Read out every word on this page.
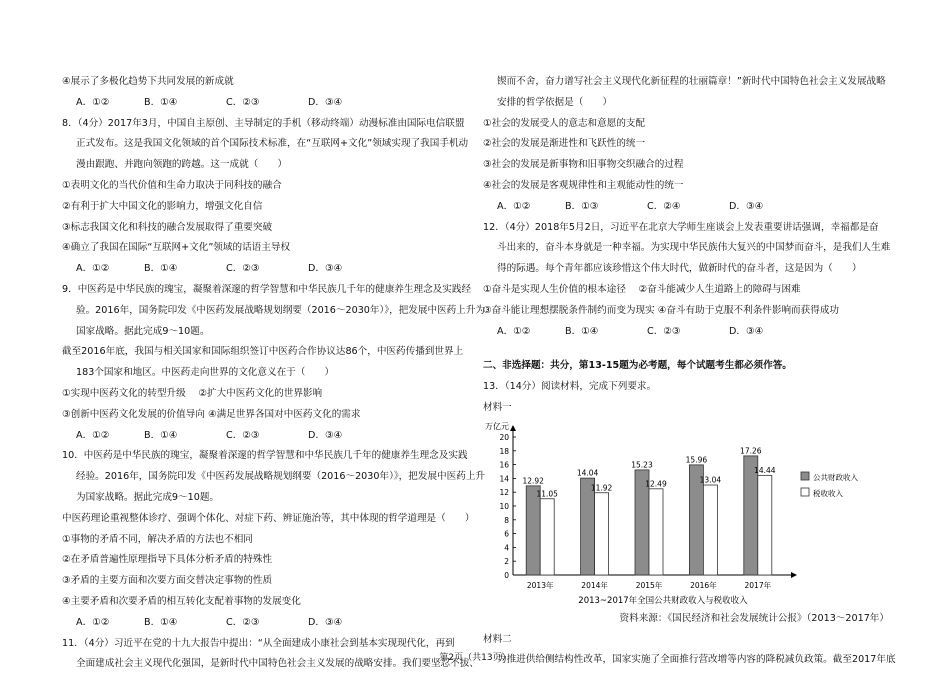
④展示了多极化趋势下共同发展的新成就
A．①②	B．①④	C．②③	D．③④
8．（4分）2017年3月，中国自主原创、主导制定的手机（移动终端）动漫标准由国际电信联盟
正式发布。这是我国文化领域的首个国际技术标准，在“互联网+文化”领域实现了我国手机动
漫由跟跑、并跑向领跑的跨越。这一成就（　　）
①表明文化的当代价值和生命力取决于同科技的融合
②有利于扩大中国文化的影响力，增强文化自信
③标志我国文化和科技的融合发展取得了重要突破
④确立了我国在国际“互联网+文化”领域的话语主导权
A．①②	B．①④	C．②③	D．③④
9．中医药是中华民族的瑰宝，凝聚着深邃的哲学智慧和中华民族几千年的健康养生理念及实践经
验。2016年，国务院印发《中医药发展战略规划纲要（2016～2030年）》，把发展中医药上升为
国家战略。据此完成9～10题。
截至2016年底，我国与相关国家和国际组织签订中医药合作协议达86个，中医药传播到世界上
183个国家和地区。中医药走向世界的文化意义在于（　　）
①实现中医药文化的转型升级　 ②扩大中医药文化的世界影响
③创新中医药文化发展的价值导向 ④满足世界各国对中医药文化的需求
A．①②	B．①④	C．②③	D．③④
10．中医药是中华民族的瑰宝，凝聚着深邃的哲学智慧和中华民族几千年的健康养生理念及实践
经验。2016年，国务院印发《中医药发展战略规划纲要（2016～2030年）》，把发展中医药上升
为国家战略。据此完成9～10题。
中医药理论重视整体诊疗、强调个体化、对症下药、辨证施治等，其中体现的哲学道理是（　　）
①事物的矛盾不同，解决矛盾的方法也不相同
②在矛盾普遍性原理指导下具体分析矛盾的特殊性
③矛盾的主要方面和次要方面交替决定事物的性质
④主要矛盾和次要矛盾的相互转化支配着事物的发展变化
A．①②	B．①④	C．②③	D．③④
11．（4分）习近平在党的十九大报告中提出：“从全面建成小康社会到基本实现现代化，再到
全面建成社会主义现代化强国，是新时代中国特色社会主义发展的战略安排。我们要坚忍不拔、
锲而不舍，奋力谱写社会主义现代化新征程的壮丽篇章！”新时代中国特色社会主义发展战略
安排的哲学依据是（　　）
①社会的发展受人的意志和意愿的支配
②社会的发展是渐进性和飞跃性的统一
③社会的发展是新事物和旧事物交织融合的过程
④社会的发展是客观规律性和主观能动性的统一
A．①②	B．①③	C．②④	D．③④
12．（4分）2018年5月2日，习近平在北京大学师生座谈会上发表重要讲话强调，幸福都是奋
斗出来的，奋斗本身就是一种幸福。为实现中华民族伟大复兴的中国梦而奋斗，是我们人生难
得的际遇。每个青年都应该珍惜这个伟大时代，做新时代的奋斗者，这是因为（　　）
①奋斗是实现人生价值的根本途径　 ②奋斗能减少人生道路上的障碍与困难
③奋斗能让理想摆脱条件制约而变为现实 ④奋斗有助于克服不利条件影响而获得成功
A．①②	B．①④	C．②③	D．③④
二、非选择题：共分，第13-15题为必考题，每个试题考生都必须作答。
13．（14分）阅读材料，完成下列要求。
材料一
万亿元
0
2
4
6
8
10
12
14
16
18
20
12.92
11.05
2013年
14.04
11.92
2014年
15.23
12.49
2015年
15.96
13.04
2016年
17.26
14.44
2017年
公共财政收入
税收收入
2013~2017年全国公共财政收入与税收收入
资料来源：《国民经济和社会发展统计公报》（2013～2017年）
材料二
为推进供给侧结构性改革，国家实施了全面推行营改增等内容的降税减负政策。截至2017年底
第2页（共13页）
